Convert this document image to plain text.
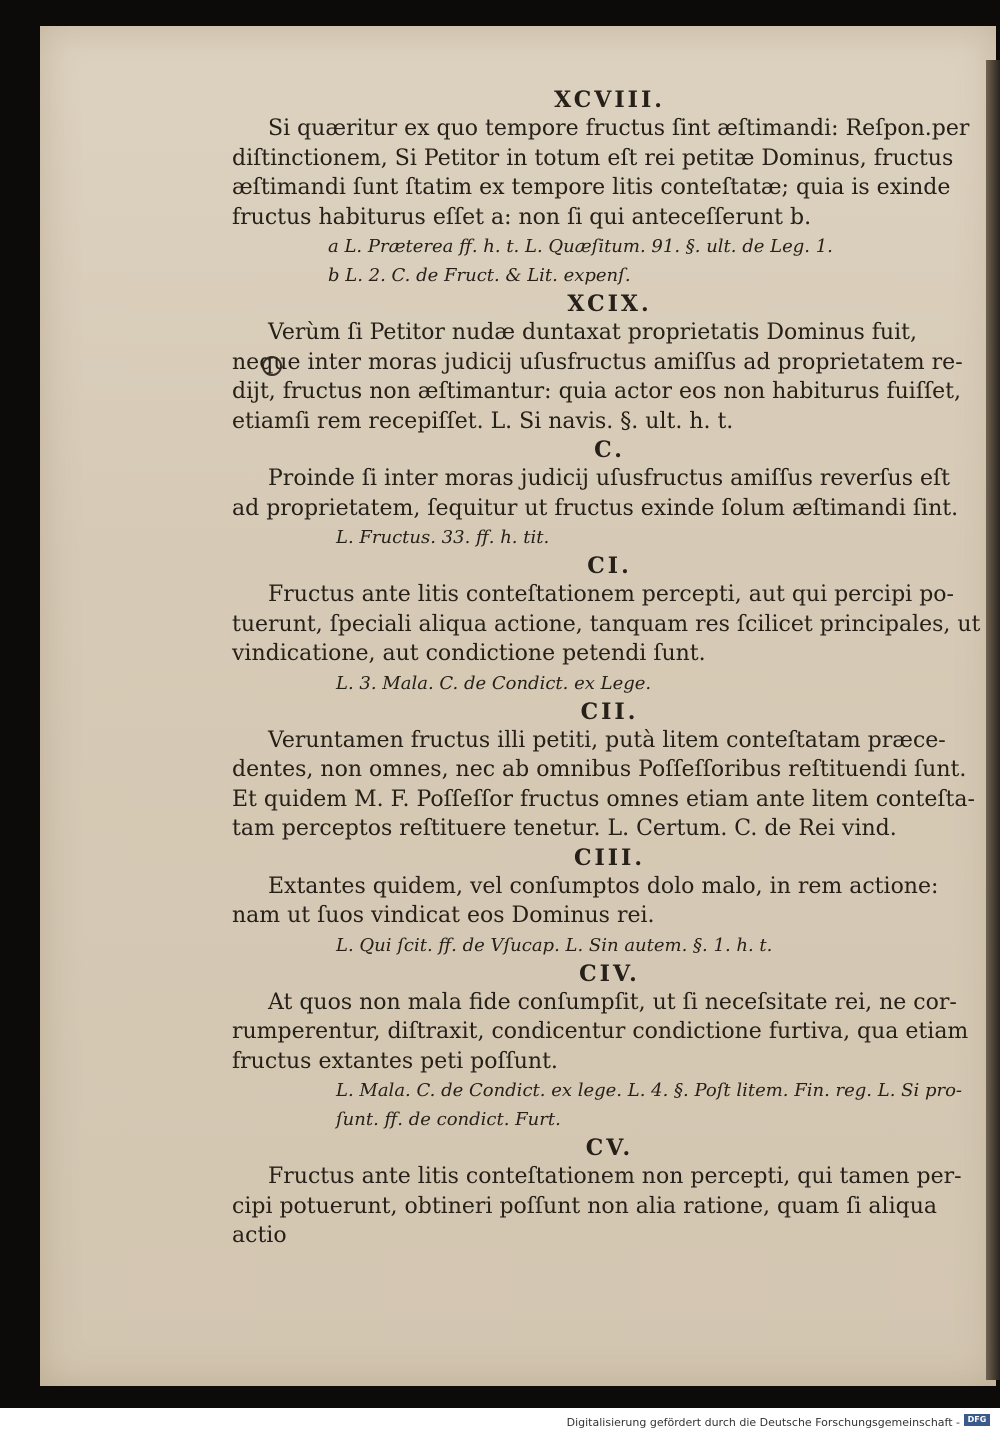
XCVIII.
Si quæritur ex quo tempore fructus ſint æſtimandi: Reſpon.per
diſtinctionem, Si Petitor in totum eſt rei petitæ Dominus, fructus
æſtimandi ſunt ſtatim ex tempore litis conteſtatæ; quia is exinde
fructus habiturus eſſet a: non ſi qui anteceſſerunt b.
a L. Præterea ff. h. t. L. Quæſitum. 91. §. ult. de Leg. 1.
b L. 2. C. de Fruct. & Lit. expenſ.
XCIX.
Verùm ſi Petitor nudæ duntaxat proprietatis Dominus fuit,
neque inter moras judicij uſusfructus amiſſus ad proprietatem re-
dijt, fructus non æſtimantur: quia actor eos non habiturus fuiſſet,
etiamſi rem recepiſſet. L. Si navis. §. ult. h. t.
C.
Proinde ſi inter moras judicij uſusfructus amiſſus reverſus eſt
ad proprietatem, ſequitur ut fructus exinde ſolum æſtimandi ſint.
L. Fructus. 33. ff. h. tit.
CI.
Fructus ante litis conteſtationem percepti, aut qui percipi po-
tuerunt, ſpeciali aliqua actione, tanquam res ſcilicet principales, ut
vindicatione, aut condictione petendi ſunt.
L. 3. Mala. C. de Condict. ex Lege.
CII.
Veruntamen fructus illi petiti, putà litem conteſtatam præce-
dentes, non omnes, nec ab omnibus Poſſeſſoribus reſtituendi ſunt.
Et quidem M. F. Poſſeſſor fructus omnes etiam ante litem conteſta-
tam perceptos reſtituere tenetur. L. Certum. C. de Rei vind.
CIII.
Extantes quidem, vel conſumptos dolo malo, in rem actione:
nam ut ſuos vindicat eos Dominus rei.
L. Qui ſcit. ff. de Vſucap. L. Sin autem. §. 1. h. t.
CIV.
At quos non mala fide conſumpſit, ut ſi neceſsitate rei, ne cor-
rumperentur, diſtraxit, condicentur condictione furtiva, qua etiam
fructus extantes peti poſſunt.
L. Mala. C. de Condict. ex lege. L. 4. §. Poſt litem. Fin. reg. L. Si pro-
ſunt. ff. de condict. Furt.
CV.
Fructus ante litis conteſtationem non percepti, qui tamen per-
cipi potuerunt, obtineri poſſunt non alia ratione, quam ſi aliqua
actio
Digitalisierung gefördert durch die Deutsche Forschungsgemeinschaft - DFG
